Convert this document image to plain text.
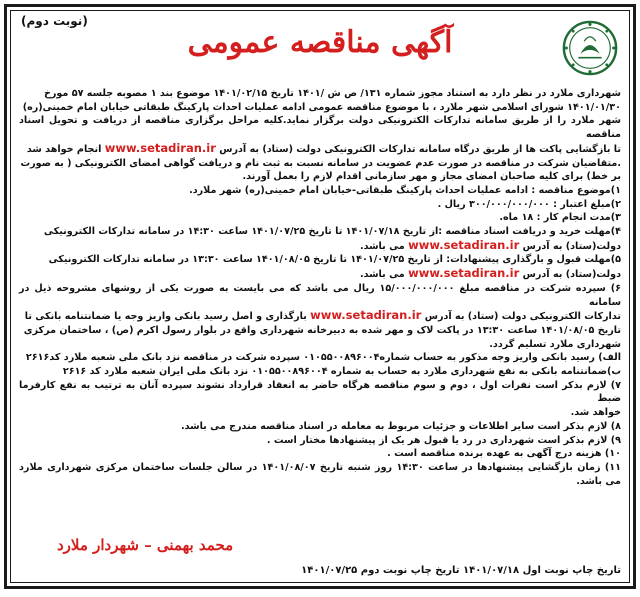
(نوبت دوم)
آگهی مناقصه عمومی

شهرداری ملارد در نظر دارد به استناد مجوز شماره ۱۳۱/ ص ش /۱۴۰۱ تاریخ ۱۴۰۱/۰۲/۱۵ موضوع بند ۱ مصوبه جلسه ۵۷ مورخ

۱۴۰۱/۰۱/۳۰ شورای اسلامی شهر ملارد ، با موضوع مناقصه عمومی ادامه عملیات احداث پارکینگ طبقاتی خیابان امام خمینی(ره)

شهر ملارد را از طریق سامانه تدارکات الکترونیکی دولت برگزار نماید.کلیه مراحل برگزاری مناقصه از دریافت و تحویل اسناد مناقصه

تا بازگشایی پاکت ها از طریق درگاه سامانه تدارکات الکترونیکی دولت (ستاد) به آدرس www.setadiran.ir انجام خواهد شد

.متقاضیان شرکت در مناقصه در صورت عدم عضویت در سامانه نسبت به ثبت نام و دریافت گواهی امضای الکترونیکی ( به صورت

بر خط) برای کلیه صاحبان امضای مجاز و مهر سازمانی اقدام لازم را بعمل آورند.

۱)موضوع مناقصه : ادامه عملیات احداث پارکینگ طبقاتی-خیابان امام خمینی(ره) شهر ملارد.

۲)مبلغ اعتبار : ۳۰۰/۰۰۰/۰۰۰/۰۰۰ ریال .

۳)مدت انجام کار : ۱۸ ماه.

۴)مهلت خرید و دریافت اسناد مناقصه :از تاریخ ۱۴۰۱/۰۷/۱۸ تا تاریخ ۱۴۰۱/۰۷/۲۵ ساعت ۱۴:۳۰ در سامانه تدارکات الکترونیکی

دولت(ستاد) به آدرس www.setadiran.ir می باشد.

۵)مهلت قبول و بارگذاری پیشنهادات: از تاریخ ۱۴۰۱/۰۷/۲۵ تا تاریخ ۱۴۰۱/۰۸/۰۵ ساعت ۱۳:۳۰ در سامانه تدارکات الکترونیکی

دولت(ستاد) به آدرس www.setadiran.ir می باشد.

۶) سپرده شرکت در مناقصه مبلغ ۱۵/۰۰۰/۰۰۰/۰۰۰ ریال می باشد که می بایست به صورت یکی از روشهای مشروحه ذیل در سامانه

تدارکات الکترونیکی دولت (ستاد) به آدرس www.setadiran.ir بارگذاری و اصل رسید بانکی واریز وجه یا ضمانتنامه بانکی تا

تاریخ ۱۴۰۱/۰۸/۰۵ ساعت ۱۳:۳۰ در پاکت لاک و مهر شده به دبیرخانه شهرداری واقع در بلوار رسول اکرم (ص) ، ساختمان مرکزی

شهرداری ملارد تسلیم گردد.

الف) رسید بانکی واریز وجه مذکور به حساب شماره۰۱۰۵۵۰۰۸۹۶۰۰۴ سپرده شرکت در مناقصه نزد بانک ملی شعبه ملارد کد۲۶۱۶

ب)ضمانتنامه بانکی به نفع شهرداری ملارد به حساب به شماره ۰۱۰۵۵۰۰۸۹۶۰۰۴ نزد بانک ملی ایران شعبه ملارد کد ۲۶۱۶

۷) لازم بذکر است نفرات اول ، دوم و سوم مناقصه هرگاه حاضر به انعقاد قرارداد نشوند سپرده آنان به ترتیب به نفع کارفرما ضبط

خواهد شد.

۸) لازم بذکر است سایر اطلاعات و جزئیات مربوط به معامله در اسناد مناقصه مندرج می باشد.

۹) لازم بذکر است شهرداری در رد یا قبول هر یک از پیشنهادها مختار است .

۱۰) هزینه درج آگهی به عهده برنده مناقصه است .

۱۱) زمان بازگشایی پیشنهادها در ساعت ۱۴:۳۰ روز شنبه تاریخ ۱۴۰۱/۰۸/۰۷ در سالن جلسات ساختمان مرکزی شهرداری ملارد می باشد.

محمد بهمنی – شهردار ملارد
تاریخ چاپ نوبت اول ۱۴۰۱/۰۷/۱۸ تاریخ چاپ نوبت دوم ۱۴۰۱/۰۷/۲۵
